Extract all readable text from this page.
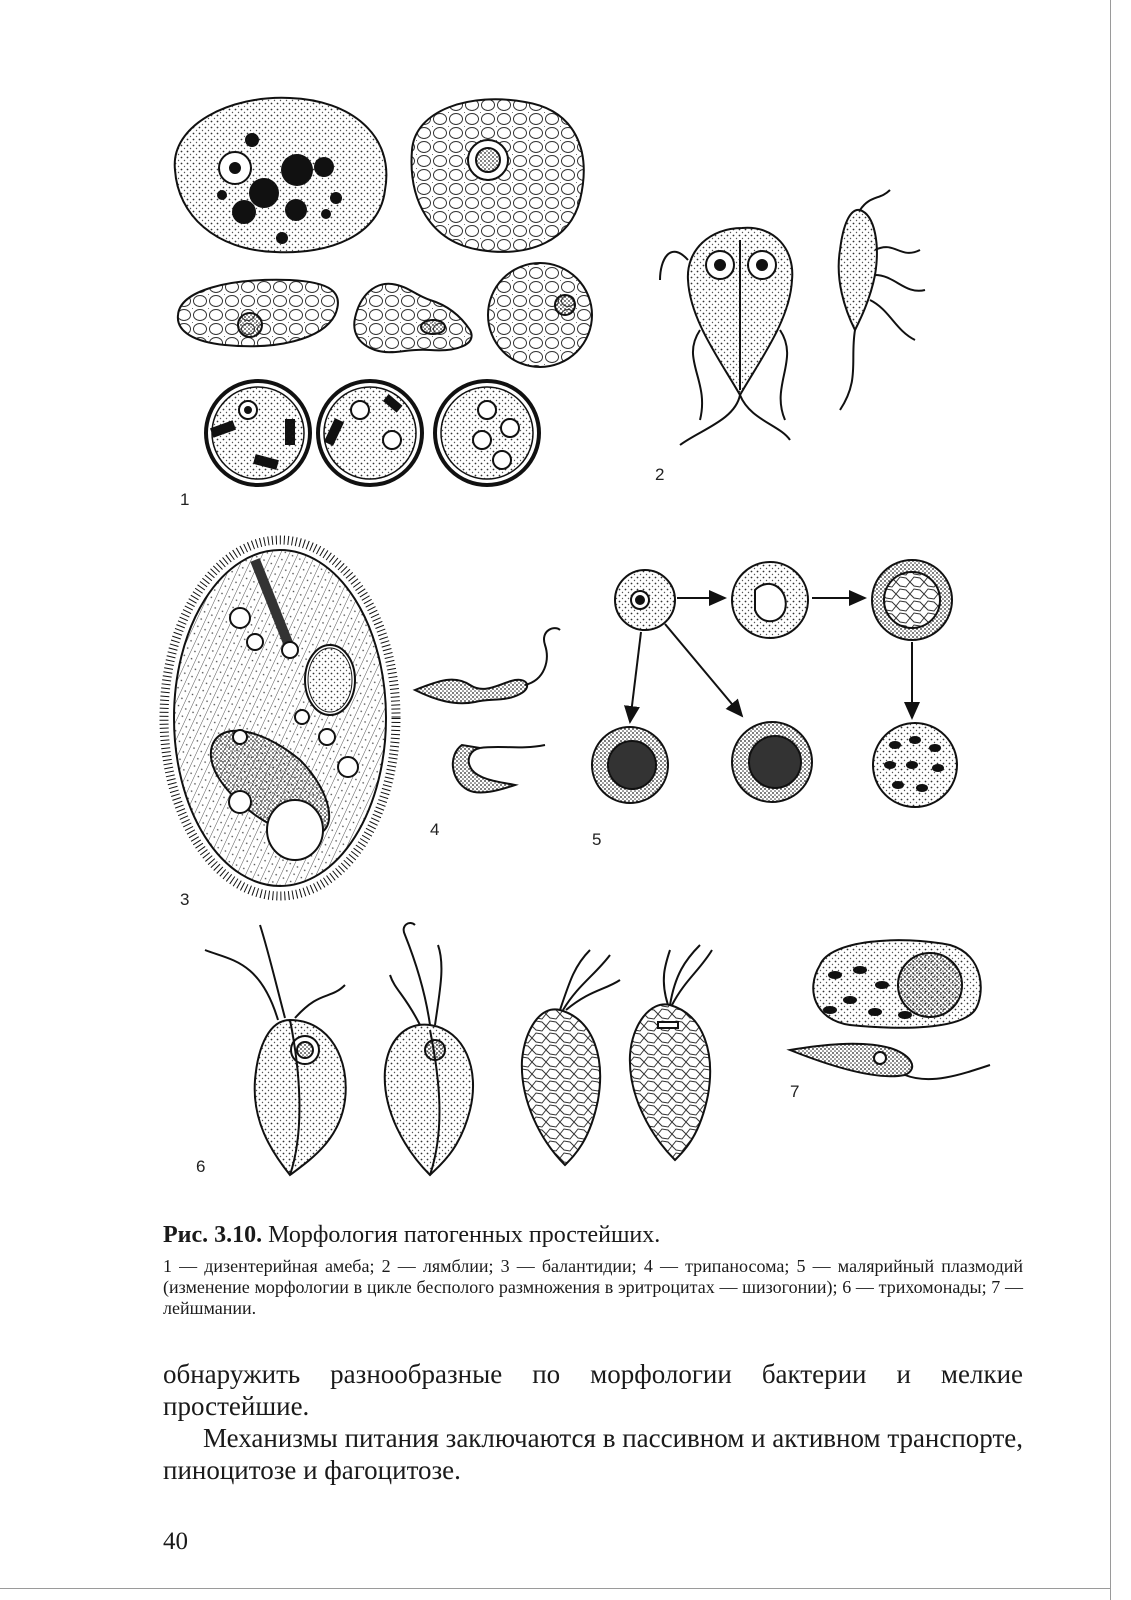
1
2
3
4
5
6
7

Рис. 3.10. Морфология патогенных простейших.

1 — дизентерийная амеба; 2 — лямблии; 3 — балантидии; 4 — трипаносома; 5 — малярийный плазмодий (изменение морфологии в цикле бесполого размножения в эритроцитах — шизогонии); 6 — трихомонады; 7 — лейшмании.

обнаружить разнообразные по морфологии бактерии и мелкие простейшие.

Механизмы питания заключаются в пассивном и активном транспорте, пиноцитозе и фагоцитозе.

40
